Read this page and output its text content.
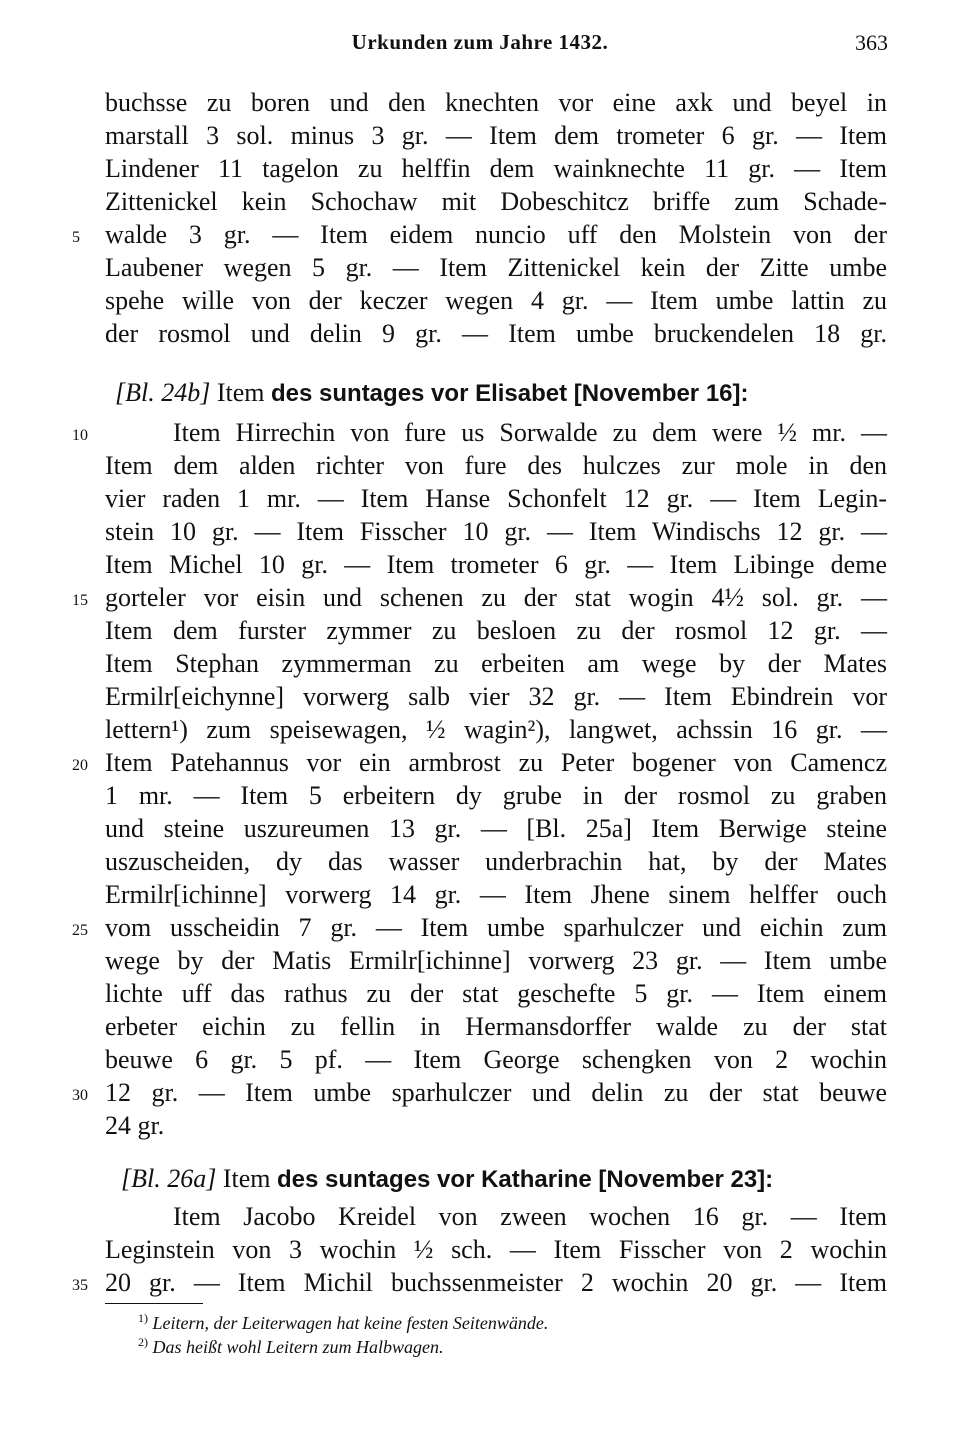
Urkunden zum Jahre 1432.	363
buchsse zu boren und den knechten vor eine axk und beyel in
marstall 3 sol. minus 3 gr. — Item dem trometer 6 gr. — Item
Lindener 11 tagelon zu helffin dem wainknechte 11 gr. — Item
Zittenickel kein Schochaw mit Dobeschitcz briffe zum Schade-
walde 3 gr. — Item eidem nuncio uff den Molstein von der
Laubener wegen 5 gr. — Item Zittenickel kein der Zitte umbe
spehe wille von der keczer wegen 4 gr. — Item umbe lattin zu
der rosmol und delin 9 gr. — Item umbe bruckendelen 18 gr.
[Bl. 24b] Item des suntages vor Elisabet [November 16]:
Item Hirrechin von fure us Sorwalde zu dem were ½ mr. —
Item dem alden richter von fure des hulczes zur mole in den
vier raden 1 mr. — Item Hanse Schonfelt 12 gr. — Item Legin-
stein 10 gr. — Item Fisscher 10 gr. — Item Windischs 12 gr. —
Item Michel 10 gr. — Item trometer 6 gr. — Item Libinge deme
gorteler vor eisin und schenen zu der stat wogin 4½ sol. gr. —
Item dem furster zymmer zu besloen zu der rosmol 12 gr. —
Item Stephan zymmerman zu erbeiten am wege by der Mates
Ermilr[eichynne] vorwerg salb vier 32 gr. — Item Ebindrein vor
lettern¹) zum speisewagen, ½ wagin²), langwet, achssin 16 gr. —
Item Patehannus vor ein armbrost zu Peter bogener von Camencz
1 mr. — Item 5 erbeitern dy grube in der rosmol zu graben
und steine uszureumen 13 gr. — [Bl. 25a] Item Berwige steine
uszuscheiden, dy das wasser underbrachin hat, by der Mates
Ermilr[ichinne] vorwerg 14 gr. — Item Jhene sinem helffer ouch
vom usscheidin 7 gr. — Item umbe sparhulczer und eichin zum
wege by der Matis Ermilr[ichinne] vorwerg 23 gr. — Item umbe
lichte uff das rathus zu der stat geschefte 5 gr. — Item einem
erbeter eichin zu fellin in Hermansdorffer walde zu der stat
beuwe 6 gr. 5 pf. — Item George schengken von 2 wochin
12 gr. — Item umbe sparhulczer und delin zu der stat beuwe
24 gr.
[Bl. 26a] Item des suntages vor Katharine [November 23]:
Item Jacobo Kreidel von zween wochen 16 gr. — Item
Leginstein von 3 wochin ½ sch. — Item Fisscher von 2 wochin
20 gr. — Item Michil buchssenmeister 2 wochin 20 gr. — Item
5
10
15
20
25
30
35
$^{1)}$ Leitern, der Leiterwagen hat keine festen Seitenwände.
$^{2)}$ Das heißt wohl Leitern zum Halbwagen.
